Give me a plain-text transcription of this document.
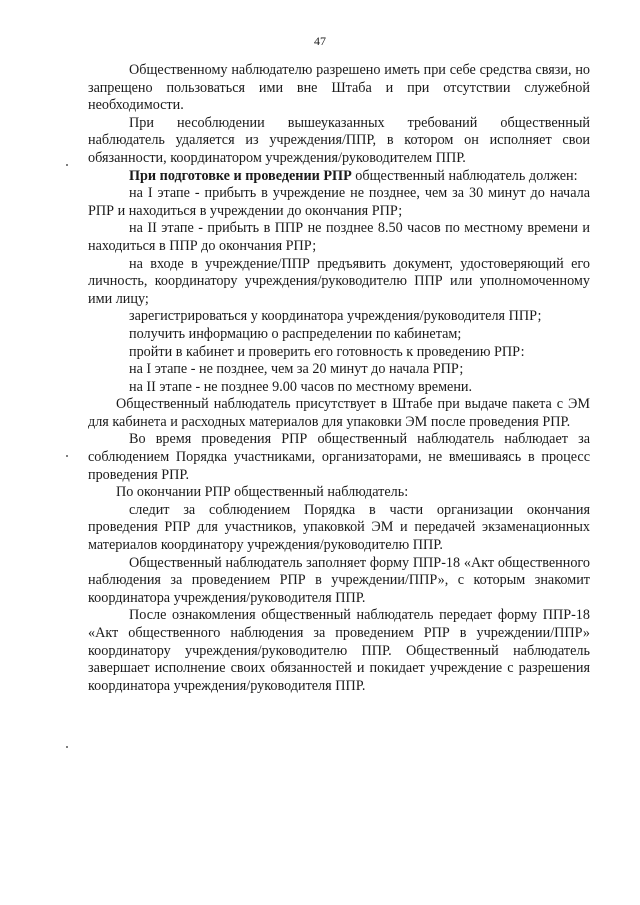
47

Общественному наблюдателю разрешено иметь при себе средства связи, но запрещено пользоваться ими вне Штаба и при отсутствии служебной необходимости.

При несоблюдении вышеуказанных требований общественный наблюдатель удаляется из учреждения/ППР, в котором он исполняет свои обязанности, координатором учреждения/руководителем ППР.

При подготовке и проведении РПР общественный наблюдатель должен:

на I этапе - прибыть в учреждение не позднее, чем за 30 минут до начала РПР и находиться в учреждении до окончания РПР;

на II этапе - прибыть в ППР не позднее 8.50 часов по местному времени и находиться в ППР до окончания РПР;

на входе в учреждение/ППР предъявить документ, удостоверяющий его личность, координатору учреждения/руководителю ППР или уполномоченному ими лицу;

зарегистрироваться у координатора учреждения/руководителя ППР;

получить информацию о распределении по кабинетам;

пройти в кабинет и проверить его готовность к проведению РПР:

на I этапе - не позднее, чем за 20 минут до начала РПР;

на II этапе - не позднее 9.00 часов по местному времени.

Общественный наблюдатель присутствует в Штабе при выдаче пакета с ЭМ для кабинета и расходных материалов для упаковки ЭМ после проведения РПР.

Во время проведения РПР общественный наблюдатель наблюдает за соблюдением Порядка участниками, организаторами, не вмешиваясь в процесс проведения РПР.

По окончании РПР общественный наблюдатель:

следит за соблюдением Порядка в части организации окончания проведения РПР для участников, упаковкой ЭМ и передачей экзаменационных материалов координатору учреждения/руководителю ППР.

Общественный наблюдатель заполняет форму ППР-18 «Акт общественного наблюдения за проведением РПР в учреждении/ППР», с которым знакомит координатора учреждения/руководителя ППР.

После ознакомления общественный наблюдатель передает форму ППР-18 «Акт общественного наблюдения за проведением РПР в учреждении/ППР» координатору учреждения/руководителю ППР. Общественный наблюдатель завершает исполнение своих обязанностей и покидает учреждение с разрешения координатора учреждения/руководителя ППР.
